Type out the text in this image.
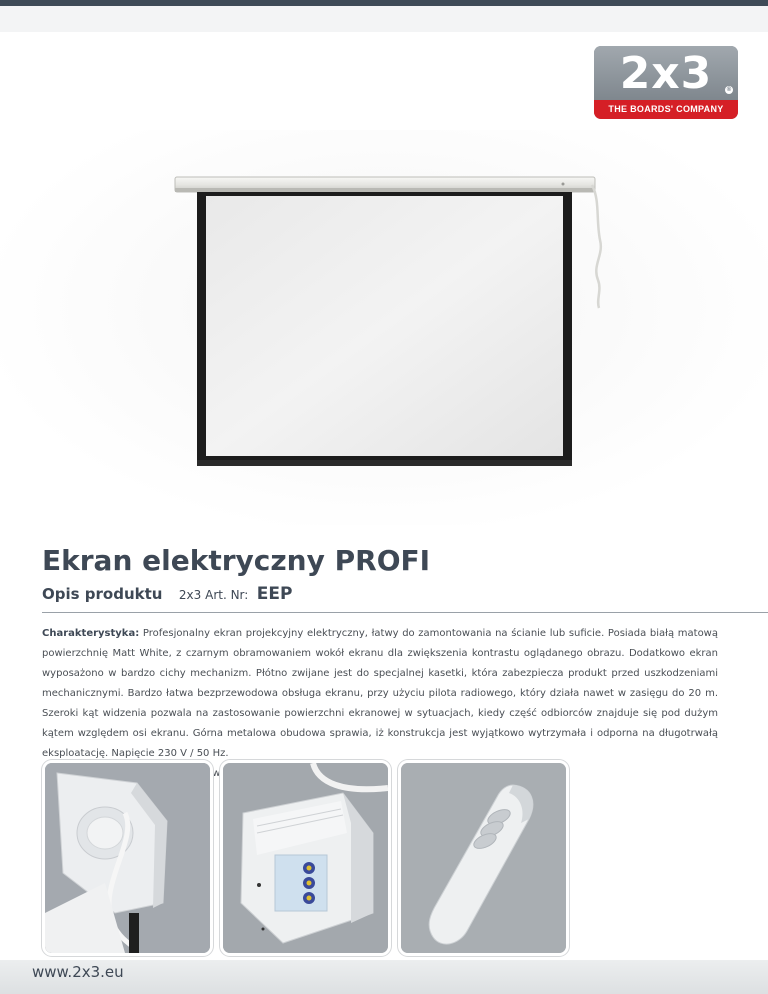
2x3	®
THE BOARDS' COMPANY
Ekran elektryczny PROFI
Opis produktu 2x3 Art. Nr: EEP

Charakterystyka: Profesjonalny ekran projekcyjny elektryczny, łatwy do zamontowania na ścianie lub suficie. Posiada białą matową powierzchnię Matt White, z czarnym obramowaniem wokół ekranu dla zwiększenia kontrastu oglądanego obrazu. Dodatkowo ekran wyposażono w bardzo cichy mechanizm. Płótno zwijane jest do specjalnej kasetki, która zabezpiecza produkt przed uszkodzeniami mechanicznymi. Bardzo łatwa bezprzewodowa obsługa ekranu, przy użyciu pilota radiowego, który działa nawet w zasięgu do 20 m. Szeroki kąt widzenia pozwala na zastosowanie powierzchni ekranowej w sytuacjach, kiedy część odbiorców znajduje się pod dużym kątem względem osi ekranu. Górna metalowa obudowa sprawia, iż konstrukcja jest wyjątkowo wytrzymała i odporna na długotrwałą eksploatację. Napięcie 230 V / 50 Hz.

sterowania,

www.2x3.eu
